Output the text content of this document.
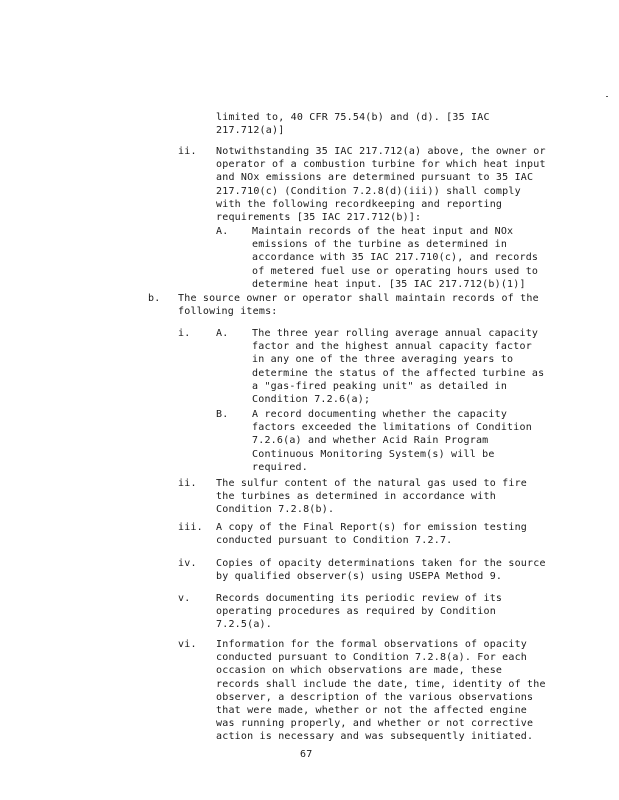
limited to, 40 CFR 75.54(b) and (d). [35 IAC
217.712(a)]
ii. Notwithstanding 35 IAC 217.712(a) above, the owner or
operator of a combustion turbine for which heat input
and NOx emissions are determined pursuant to 35 IAC
217.710(c) (Condition 7.2.8(d)(iii)) shall comply
with the following recordkeeping and reporting
requirements [35 IAC 217.712(b)]:
A. Maintain records of the heat input and NOx
emissions of the turbine as determined in
accordance with 35 IAC 217.710(c), and records
of metered fuel use or operating hours used to
determine heat input. [35 IAC 217.712(b)(1)]
b. The source owner or operator shall maintain records of the
following items:
i.	A. The three year rolling average annual capacity
factor and the highest annual capacity factor
in any one of the three averaging years to
determine the status of the affected turbine as
a "gas-fired peaking unit" as detailed in
Condition 7.2.6(a);
B. A record documenting whether the capacity
factors exceeded the limitations of Condition
7.2.6(a) and whether Acid Rain Program
Continuous Monitoring System(s) will be
required.
ii. The sulfur content of the natural gas used to fire
the turbines as determined in accordance with
Condition 7.2.8(b).
iii. A copy of the Final Report(s) for emission testing
conducted pursuant to Condition 7.2.7.
iv. Copies of opacity determinations taken for the source
by qualified observer(s) using USEPA Method 9.
v.	Records documenting its periodic review of its
operating procedures as required by Condition
7.2.5(a).
vi. Information for the formal observations of opacity
conducted pursuant to Condition 7.2.8(a). For each
occasion on which observations are made, these
records shall include the date, time, identity of the
observer, a description of the various observations
that were made, whether or not the affected engine
was running properly, and whether or not corrective
action is necessary and was subsequently initiated.
67
